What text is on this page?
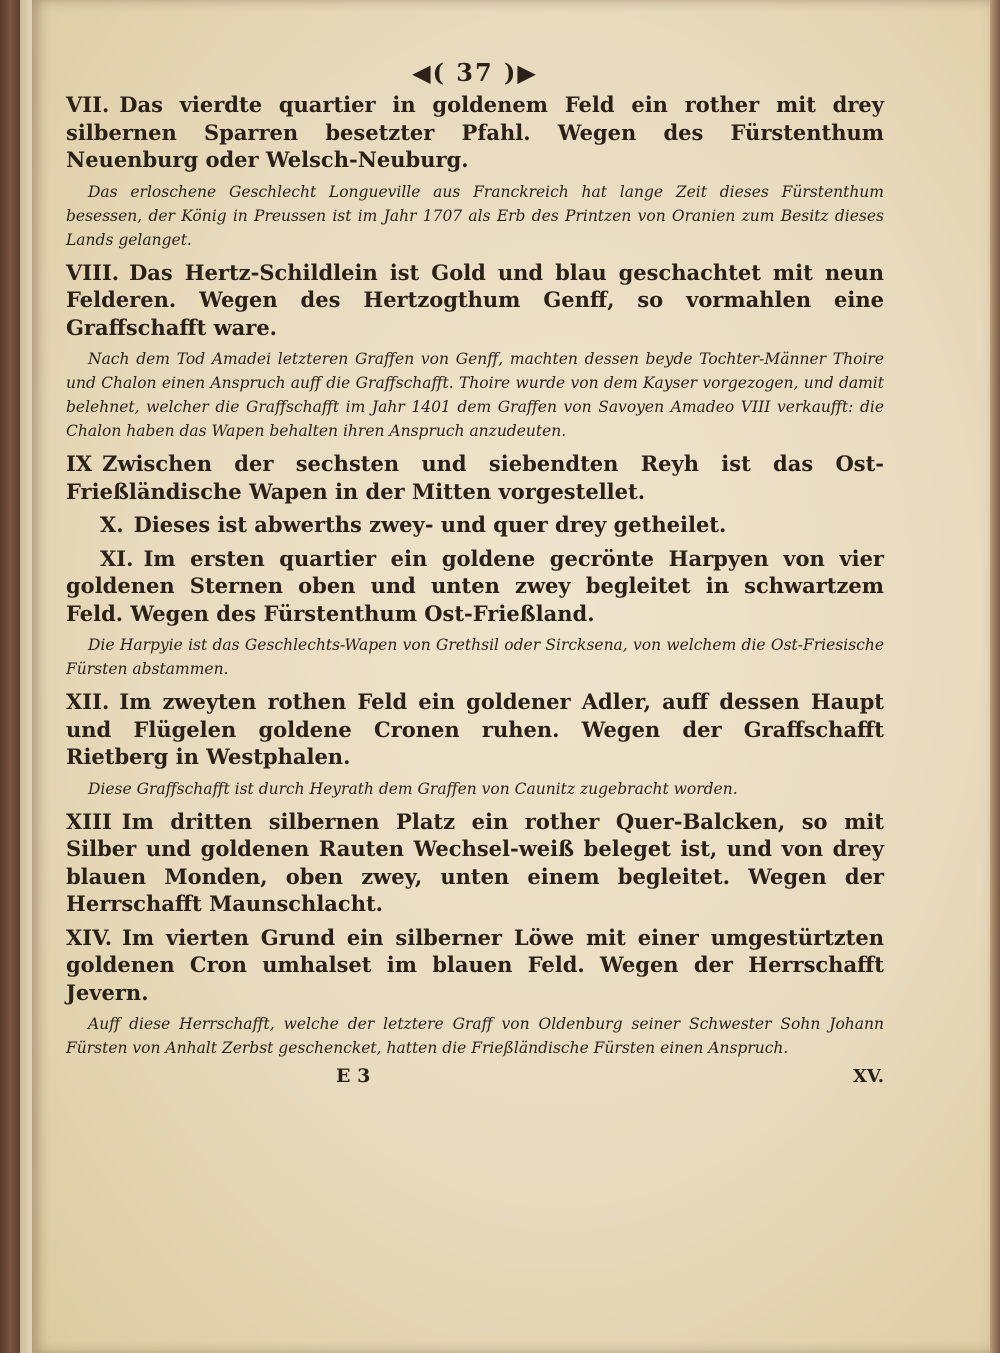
◀( 37 )▶

VII. Das vierdte quartier in goldenem Feld ein rother mit drey silbernen Sparren besetzter Pfahl. Wegen des Fürstenthum Neuenburg oder Welsch-Neuburg.

Das erloschene Geschlecht Longueville aus Franckreich hat lange Zeit dieses Fürstenthum besessen, der König in Preussen ist im Jahr 1707 als Erb des Printzen von Oranien zum Besitz dieses Lands gelanget.

VIII. Das Hertz-Schildlein ist Gold und blau geschachtet mit neun Felderen. Wegen des Hertzogthum Genff, so vormahlen eine Graffschafft ware.

Nach dem Tod Amadei letzteren Graffen von Genff, machten dessen beyde Tochter-Männer Thoire und Chalon einen Anspruch auff die Graffschafft. Thoire wurde von dem Kayser vorgezogen, und damit belehnet, welcher die Graffschafft im Jahr 1401 dem Graffen von Savoyen Amadeo VIII verkaufft: die Chalon haben das Wapen behalten ihren Anspruch anzudeuten.

IX Zwischen der sechsten und siebendten Reyh ist das Ost-Frießländische Wapen in der Mitten vorgestellet.

X. Dieses ist abwerths zwey- und quer drey getheilet.

XI. Im ersten quartier ein goldene gecrönte Harpyen von vier goldenen Sternen oben und unten zwey begleitet in schwartzem Feld. Wegen des Fürstenthum Ost-Frießland.

Die Harpyie ist das Geschlechts-Wapen von Grethsil oder Sircksena, von welchem die Ost-Friesische Fürsten abstammen.

XII. Im zweyten rothen Feld ein goldener Adler, auff dessen Haupt und Flügelen goldene Cronen ruhen. Wegen der Graffschafft Rietberg in Westphalen.

Diese Graffschafft ist durch Heyrath dem Graffen von Caunitz zugebracht worden.

XIII Im dritten silbernen Platz ein rother Quer-Balcken, so mit Silber und goldenen Rauten Wechsel-weiß beleget ist, und von drey blauen Monden, oben zwey, unten einem begleitet. Wegen der Herrschafft Maunschlacht.

XIV. Im vierten Grund ein silberner Löwe mit einer umgestürtzten goldenen Cron umhalset im blauen Feld. Wegen der Herrschafft Jevern.

Auff diese Herrschafft, welche der letztere Graff von Oldenburg seiner Schwester Sohn Johann Fürsten von Anhalt Zerbst geschencket, hatten die Frießländische Fürsten einen Anspruch.

E 3	XV.
